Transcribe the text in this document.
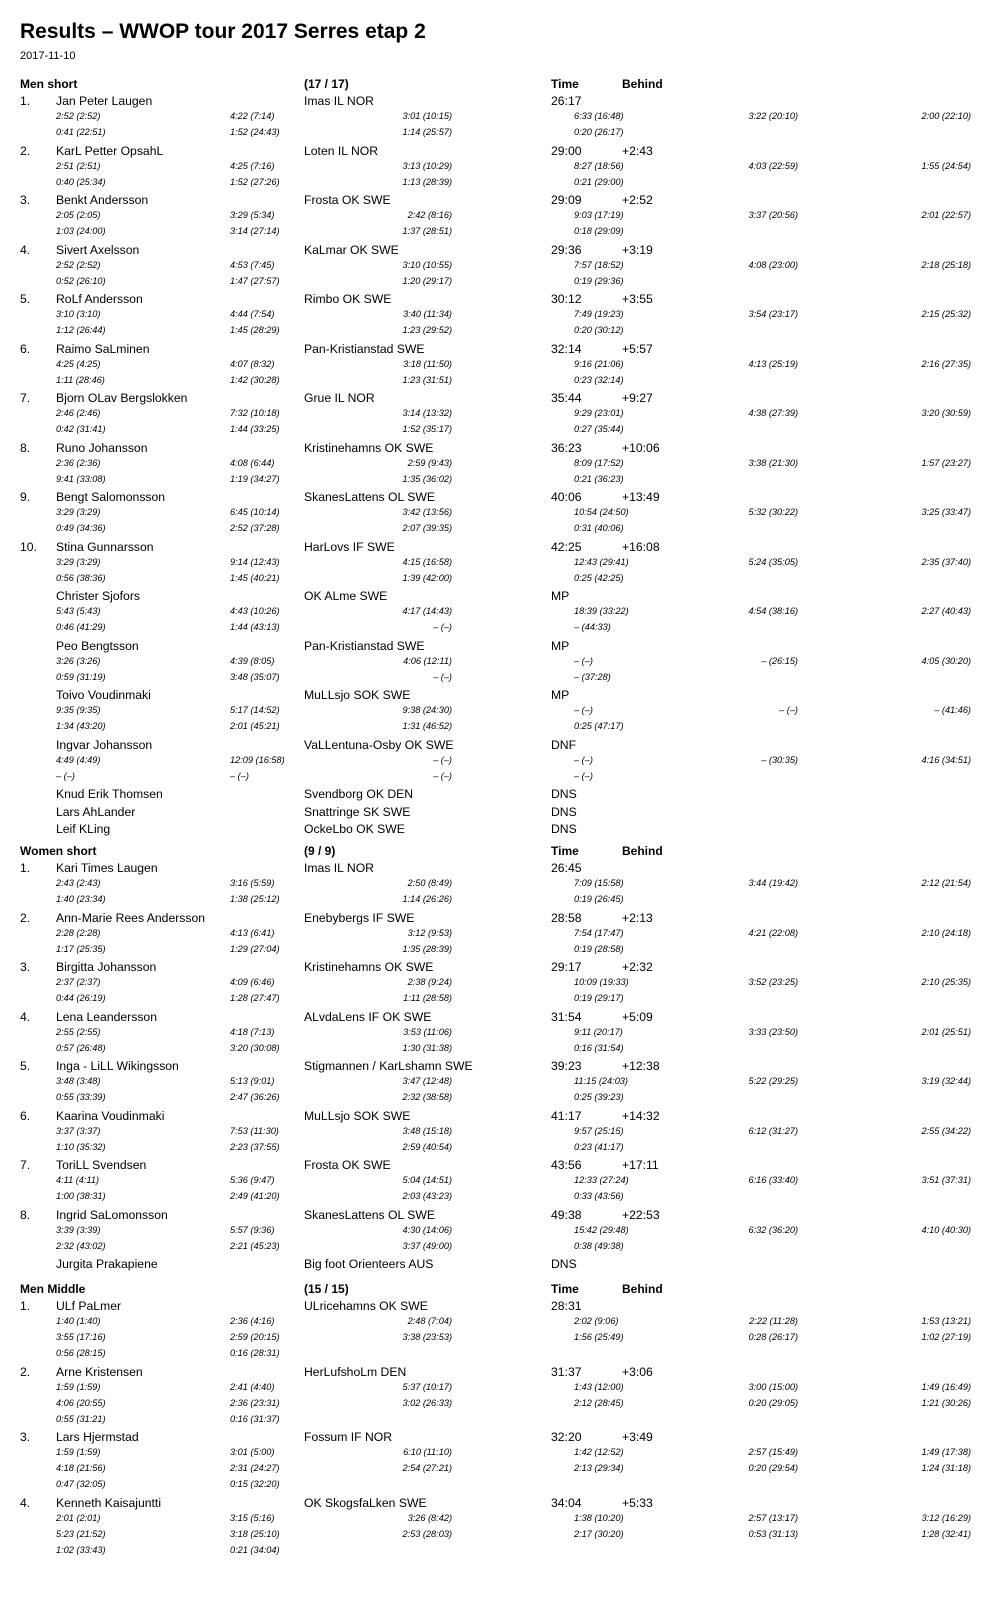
Results – WWOP tour 2017 Serres etap 2
2017-11-10
Men short	(17 / 17)	Time	Behind
1. Jan Peter Laugen	Imas IL NOR	26:17
2:52 (2:52)	4:22 (7:14)	3:01 (10:15)	6:33 (16:48)	3:22 (20:10)	2:00 (22:10)
0:41 (22:51)	1:52 (24:43)	1:14 (25:57)	0:20 (26:17)
2. KarL Petter OpsahL	Loten IL NOR	29:00	+2:43
2:51 (2:51)	4:25 (7:16)	3:13 (10:29)	8:27 (18:56)	4:03 (22:59)	1:55 (24:54)
0:40 (25:34)	1:52 (27:26)	1:13 (28:39)	0:21 (29:00)
3. Benkt Andersson	Frosta OK SWE	29:09	+2:52
2:05 (2:05)	3:29 (5:34)	2:42 (8:16)	9:03 (17:19)	3:37 (20:56)	2:01 (22:57)
1:03 (24:00)	3:14 (27:14)	1:37 (28:51)	0:18 (29:09)
4. Sivert Axelsson	KaLmar OK SWE	29:36	+3:19
2:52 (2:52)	4:53 (7:45)	3:10 (10:55)	7:57 (18:52)	4:08 (23:00)	2:18 (25:18)
0:52 (26:10)	1:47 (27:57)	1:20 (29:17)	0:19 (29:36)
5. RoLf Andersson	Rimbo OK SWE	30:12	+3:55
3:10 (3:10)	4:44 (7:54)	3:40 (11:34)	7:49 (19:23)	3:54 (23:17)	2:15 (25:32)
1:12 (26:44)	1:45 (28:29)	1:23 (29:52)	0:20 (30:12)
6. Raimo SaLminen	Pan-Kristianstad SWE	32:14	+5:57
4:25 (4:25)	4:07 (8:32)	3:18 (11:50)	9:16 (21:06)	4:13 (25:19)	2:16 (27:35)
1:11 (28:46)	1:42 (30:28)	1:23 (31:51)	0:23 (32:14)
7. Bjorn OLav Bergslokken	Grue IL NOR	35:44	+9:27
2:46 (2:46)	7:32 (10:18)	3:14 (13:32)	9:29 (23:01)	4:38 (27:39)	3:20 (30:59)
0:42 (31:41)	1:44 (33:25)	1:52 (35:17)	0:27 (35:44)
8. Runo Johansson	Kristinehamns OK SWE	36:23	+10:06
2:36 (2:36)	4:08 (6:44)	2:59 (9:43)	8:09 (17:52)	3:38 (21:30)	1:57 (23:27)
9:41 (33:08)	1:19 (34:27)	1:35 (36:02)	0:21 (36:23)
9. Bengt Salomonsson	SkanesLattens OL SWE	40:06	+13:49
3:29 (3:29)	6:45 (10:14)	3:42 (13:56)	10:54 (24:50)	5:32 (30:22)	3:25 (33:47)
0:49 (34:36)	2:52 (37:28)	2:07 (39:35)	0:31 (40:06)
10. Stina Gunnarsson	HarLovs IF SWE	42:25	+16:08
3:29 (3:29)	9:14 (12:43)	4:15 (16:58)	12:43 (29:41)	5:24 (35:05)	2:35 (37:40)
0:56 (38:36)	1:45 (40:21)	1:39 (42:00)	0:25 (42:25)
Christer Sjofors	OK ALme SWE	MP
5:43 (5:43)	4:43 (10:26)	4:17 (14:43)	18:39 (33:22)	4:54 (38:16)	2:27 (40:43)
0:46 (41:29)	1:44 (43:13)	– (–)	– (44:33)
Peo Bengtsson	Pan-Kristianstad SWE	MP
3:26 (3:26)	4:39 (8:05)	4:06 (12:11)	– (–)	– (26:15)	4:05 (30:20)
0:59 (31:19)	3:48 (35:07)	– (–)	– (37:28)
Toivo Voudinmaki	MuLLsjo SOK SWE	MP
9:35 (9:35)	5:17 (14:52)	9:38 (24:30)	– (–)	– (–)	– (41:46)
1:34 (43:20)	2:01 (45:21)	1:31 (46:52)	0:25 (47:17)
Ingvar Johansson	VaLLentuna-Osby OK SWE	DNF
4:49 (4:49)	12:09 (16:58)	– (–)	– (–)	– (30:35)	4:16 (34:51)
– (–)	– (–)	– (–)	– (–)
Knud Erik Thomsen	Svendborg OK DEN	DNS
Lars AhLander	Snattringe SK SWE	DNS
Leif KLing	OckeLbo OK SWE	DNS
Women short	(9 / 9)	Time	Behind
1. Kari Times Laugen	Imas IL NOR	26:45
2:43 (2:43)	3:16 (5:59)	2:50 (8:49)	7:09 (15:58)	3:44 (19:42)	2:12 (21:54)
1:40 (23:34)	1:38 (25:12)	1:14 (26:26)	0:19 (26:45)
2. Ann-Marie Rees Andersson	Enebybergs IF SWE	28:58	+2:13
2:28 (2:28)	4:13 (6:41)	3:12 (9:53)	7:54 (17:47)	4:21 (22:08)	2:10 (24:18)
1:17 (25:35)	1:29 (27:04)	1:35 (28:39)	0:19 (28:58)
3. Birgitta Johansson	Kristinehamns OK SWE	29:17	+2:32
2:37 (2:37)	4:09 (6:46)	2:38 (9:24)	10:09 (19:33)	3:52 (23:25)	2:10 (25:35)
0:44 (26:19)	1:28 (27:47)	1:11 (28:58)	0:19 (29:17)
4. Lena Leandersson	ALvdaLens IF OK SWE	31:54	+5:09
2:55 (2:55)	4:18 (7:13)	3:53 (11:06)	9:11 (20:17)	3:33 (23:50)	2:01 (25:51)
0:57 (26:48)	3:20 (30:08)	1:30 (31:38)	0:16 (31:54)
5. Inga - LiLL Wikingsson	Stigmannen / KarLshamn SWE	39:23	+12:38
3:48 (3:48)	5:13 (9:01)	3:47 (12:48)	11:15 (24:03)	5:22 (29:25)	3:19 (32:44)
0:55 (33:39)	2:47 (36:26)	2:32 (38:58)	0:25 (39:23)
6. Kaarina Voudinmaki	MuLLsjo SOK SWE	41:17	+14:32
3:37 (3:37)	7:53 (11:30)	3:48 (15:18)	9:57 (25:15)	6:12 (31:27)	2:55 (34:22)
1:10 (35:32)	2:23 (37:55)	2:59 (40:54)	0:23 (41:17)
7. ToriLL Svendsen	Frosta OK SWE	43:56	+17:11
4:11 (4:11)	5:36 (9:47)	5:04 (14:51)	12:33 (27:24)	6:16 (33:40)	3:51 (37:31)
1:00 (38:31)	2:49 (41:20)	2:03 (43:23)	0:33 (43:56)
8. Ingrid SaLomonsson	SkanesLattens OL SWE	49:38	+22:53
3:39 (3:39)	5:57 (9:36)	4:30 (14:06)	15:42 (29:48)	6:32 (36:20)	4:10 (40:30)
2:32 (43:02)	2:21 (45:23)	3:37 (49:00)	0:38 (49:38)
Jurgita Prakapiene	Big foot Orienteers AUS	DNS
Men Middle	(15 / 15)	Time	Behind
1. ULf PaLmer	ULricehamns OK SWE	28:31
1:40 (1:40)	2:36 (4:16)	2:48 (7:04)	2:02 (9:06)	2:22 (11:28)	1:53 (13:21)
3:55 (17:16)	2:59 (20:15)	3:38 (23:53)	1:56 (25:49)	0:28 (26:17)	1:02 (27:19)
0:56 (28:15)	0:16 (28:31)
2. Arne Kristensen	HerLufshoLm DEN	31:37	+3:06
1:59 (1:59)	2:41 (4:40)	5:37 (10:17)	1:43 (12:00)	3:00 (15:00)	1:49 (16:49)
4:06 (20:55)	2:36 (23:31)	3:02 (26:33)	2:12 (28:45)	0:20 (29:05)	1:21 (30:26)
0:55 (31:21)	0:16 (31:37)
3. Lars Hjermstad	Fossum IF NOR	32:20	+3:49
1:59 (1:59)	3:01 (5:00)	6:10 (11:10)	1:42 (12:52)	2:57 (15:49)	1:49 (17:38)
4:18 (21:56)	2:31 (24:27)	2:54 (27:21)	2:13 (29:34)	0:20 (29:54)	1:24 (31:18)
0:47 (32:05)	0:15 (32:20)
4. Kenneth Kaisajuntti	OK SkogsfaLken SWE	34:04	+5:33
2:01 (2:01)	3:15 (5:16)	3:26 (8:42)	1:38 (10:20)	2:57 (13:17)	3:12 (16:29)
5:23 (21:52)	3:18 (25:10)	2:53 (28:03)	2:17 (30:20)	0:53 (31:13)	1:28 (32:41)
1:02 (33:43)	0:21 (34:04)
